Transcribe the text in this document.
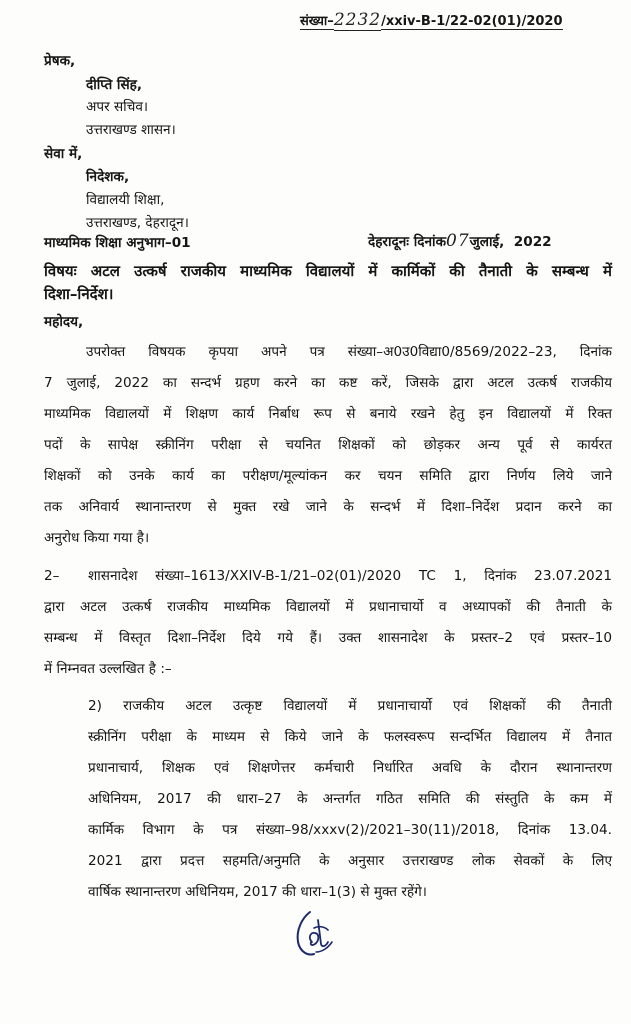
संख्या–2232/xxiv-B-1/22-02(01)/2020
प्रेषक,
दीप्ति सिंह,
अपर सचिव।
उत्तराखण्ड शासन।
सेवा में,
निदेशक,
विद्यालयी शिक्षा,
उत्तराखण्ड, देहरादून।
माध्यमिक शिक्षा अनुभाग–01	देहरादूनः दिनांक07जुलाई, 2022
विषयः अटल उत्कर्ष राजकीय माध्यमिक विद्यालयों में कार्मिकों की तैनाती के सम्बन्ध में
दिशा–निर्देश।
महोदय,
उपरोक्त विषयक कृपया अपने पत्र संख्या–अ0उ0विद्या0/8569/2022–23, दिनांक
7 जुलाई, 2022 का सन्दर्भ ग्रहण करने का कष्ट करें, जिसके द्वारा अटल उत्कर्ष राजकीय
माध्यमिक विद्यालयों में शिक्षण कार्य निर्बाध रूप से बनाये रखने हेतु इन विद्यालयों में रिक्त
पदों के सापेक्ष स्क्रीनिंग परीक्षा से चयनित शिक्षकों को छोड़कर अन्य पूर्व से कार्यरत
शिक्षकों को उनके कार्य का परीक्षण/मूल्यांकन कर चयन समिति द्वारा निर्णय लिये जाने
तक अनिवार्य स्थानान्तरण से मुक्त रखे जाने के सन्दर्भ में दिशा–निर्देश प्रदान करने का
अनुरोध किया गया है।
2– शासनादेश संख्या–1613/XXIV-B-1/21–02(01)/2020 TC 1, दिनांक 23.07.2021
द्वारा अटल उत्कर्ष राजकीय माध्यमिक विद्यालयों में प्रधानाचार्यो व अध्यापकों की तैनाती के
सम्बन्ध में विस्तृत दिशा–निर्देश दिये गये हैं। उक्त शासनादेश के प्रस्तर–2 एवं प्रस्तर–10
में निम्नवत उल्लखित है :–
2) राजकीय अटल उत्कृष्ट विद्यालयों में प्रधानाचार्यो एवं शिक्षकों की तैनाती
स्क्रीनिंग परीक्षा के माध्यम से किये जाने के फलस्वरूप सन्दर्भित विद्यालय में तैनात
प्रधानाचार्य, शिक्षक एवं शिक्षणेत्तर कर्मचारी निर्धारित अवधि के दौरान स्थानान्तरण
अधिनियम, 2017 की धारा–27 के अन्तर्गत गठित समिति की संस्तुति के कम में
कार्मिक विभाग के पत्र संख्या–98/xxxv(2)/2021–30(11)/2018, दिनांक 13.04.
2021 द्वारा प्रदत्त सहमति/अनुमति के अनुसार उत्तराखण्ड लोक सेवकों के लिए
वार्षिक स्थानान्तरण अधिनियम, 2017 की धारा–1(3) से मुक्त रहेंगे।
